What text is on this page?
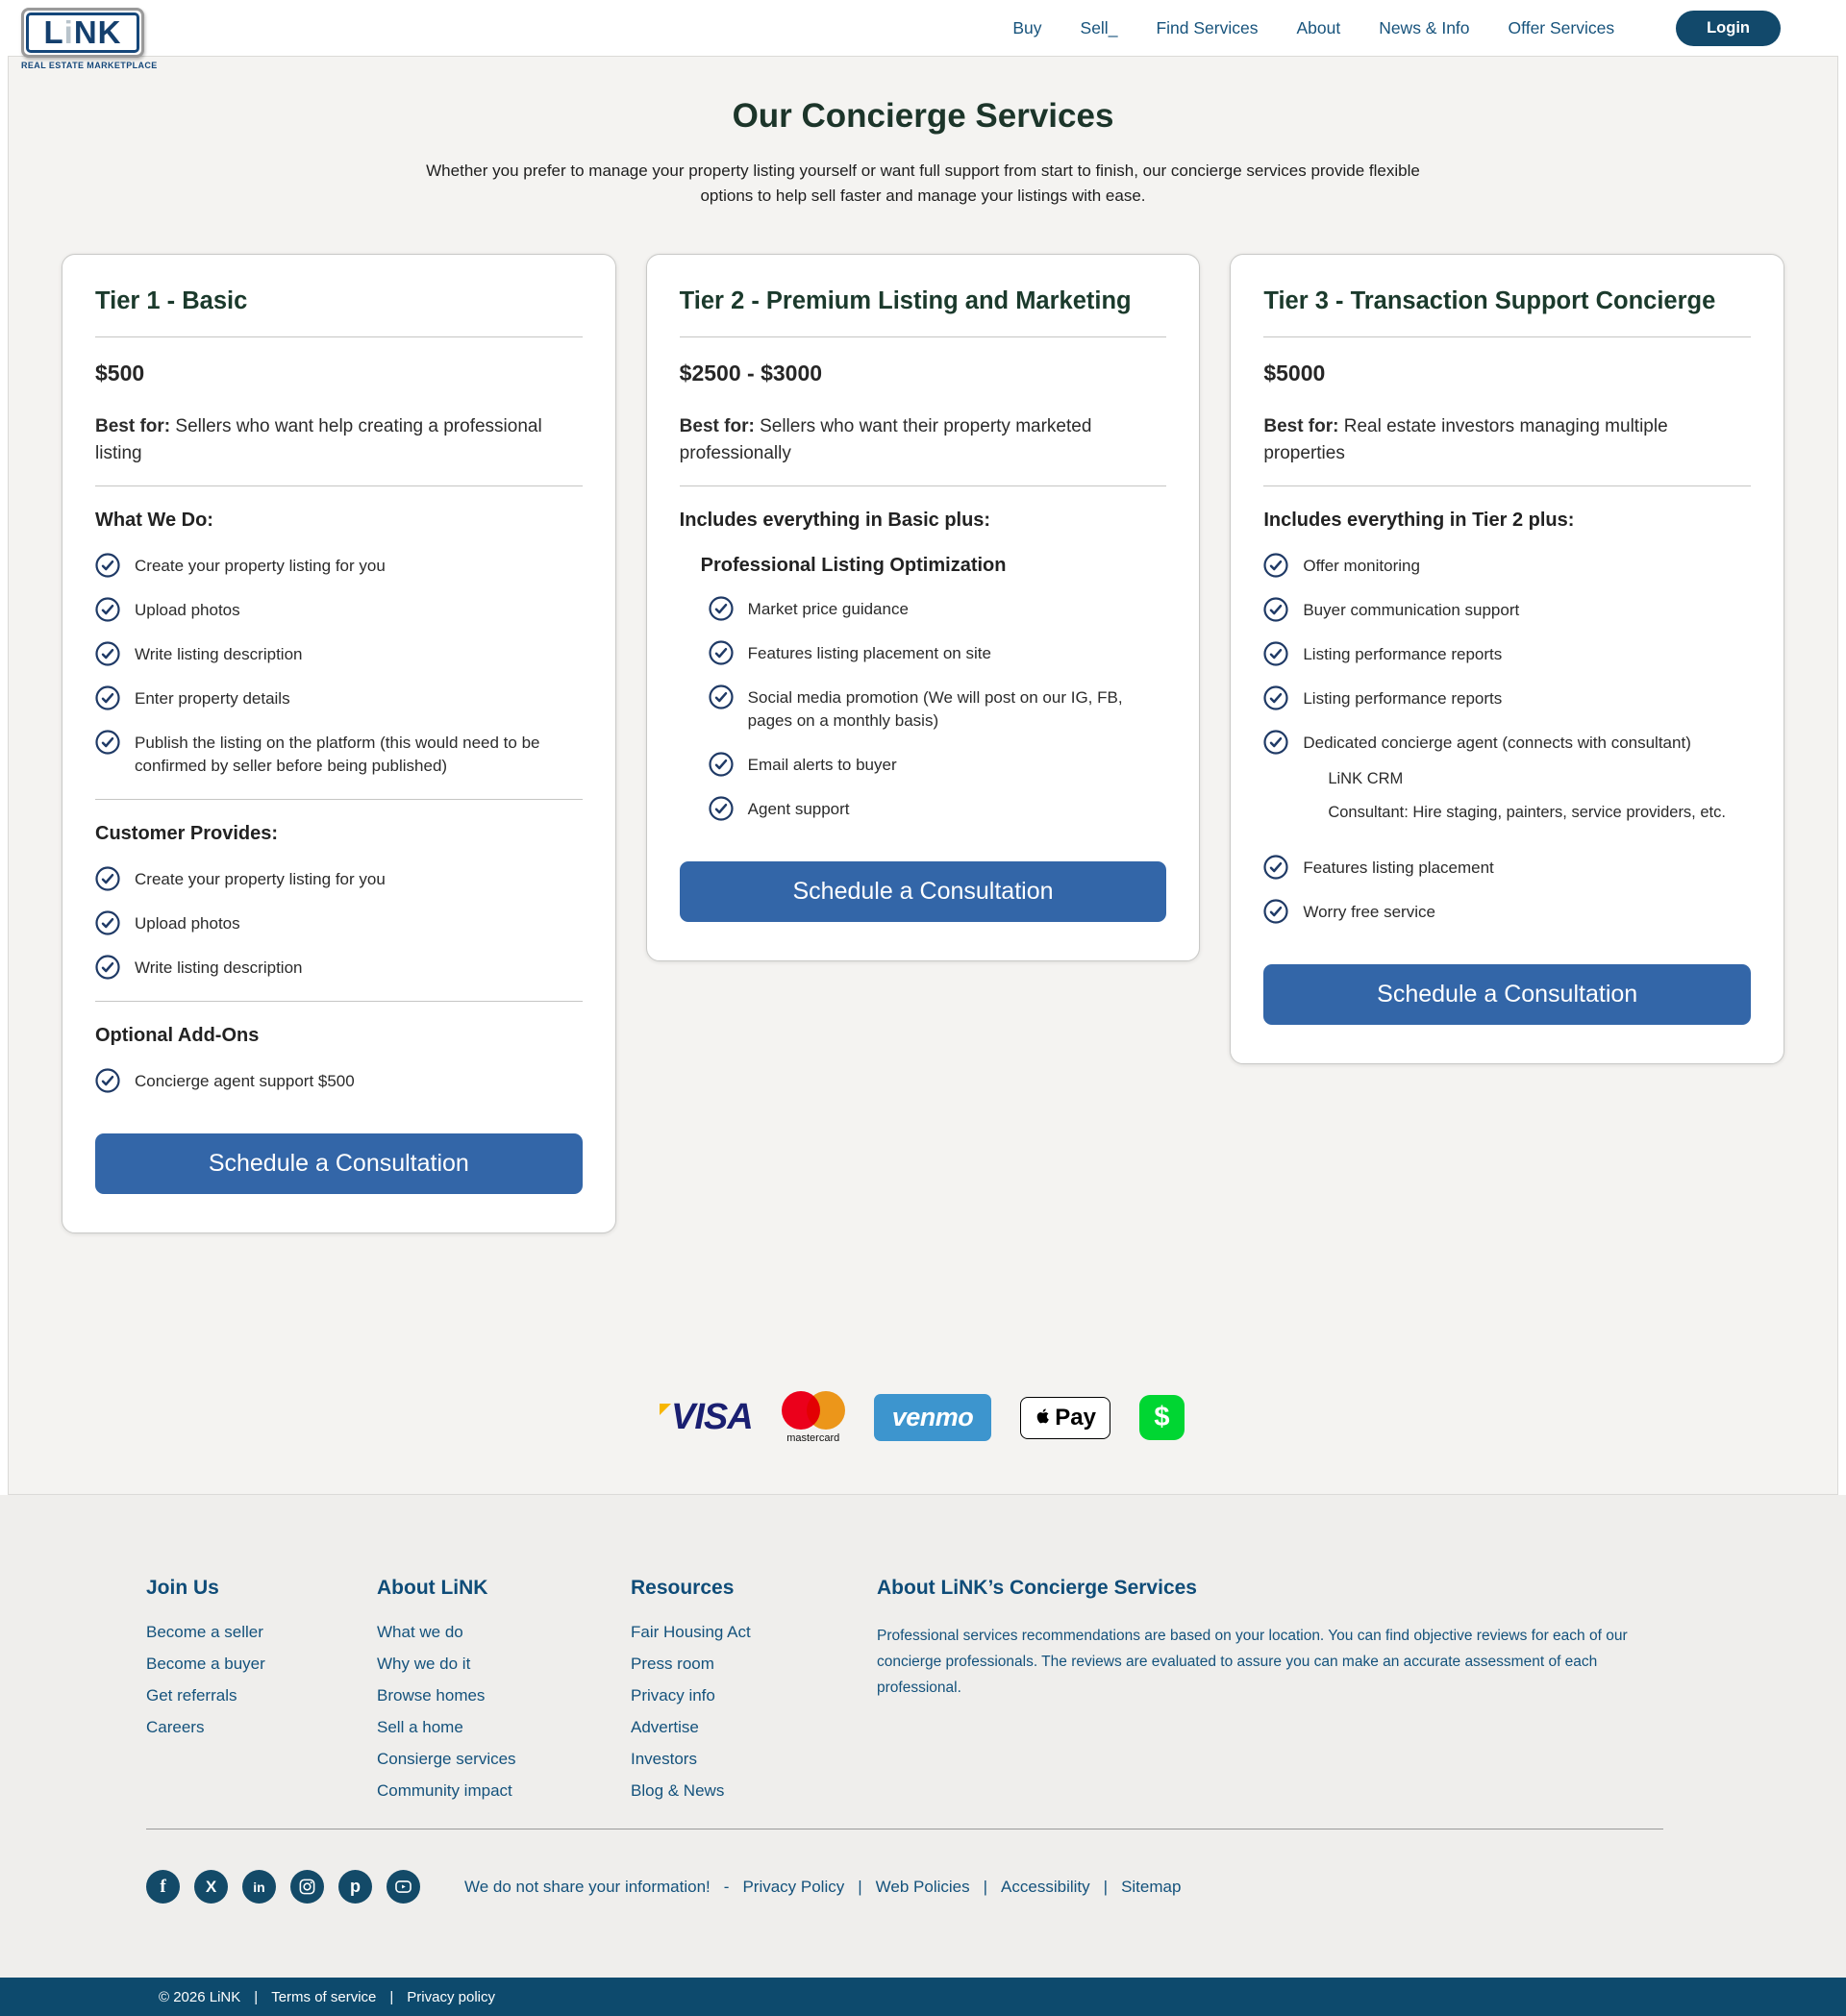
LiNK
REAL ESTATE MARKETPLACE
Buy Sell_ Find Services About News & Info Offer Services	Login
Our Concierge Services

Whether you prefer to manage your property listing yourself or want full support from start to finish, our concierge services provide flexible options to help sell faster and manage your listings with ease.

Tier 1 - Basic
$500
Best for: Sellers who want help creating a professional listing
What We Do:
Create your property listing for you
Upload photos
Write listing description
Enter property details
Publish the listing on the platform (this would need to be confirmed by seller before being published)
Customer Provides:
Create your property listing for you
Upload photos
Write listing description
Optional Add-Ons
Concierge agent support $500
Schedule a Consultation
Tier 2 - Premium Listing and Marketing
$2500 - $3000
Best for: Sellers who want their property marketed professionally
Includes everything in Basic plus:
Professional Listing Optimization
Market price guidance
Features listing placement on site
Social media promotion (We will post on our IG, FB, pages on a monthly basis)
Email alerts to buyer
Agent support
Schedule a Consultation
Tier 3 - Transaction Support Concierge
$5000
Best for: Real estate investors managing multiple properties
Includes everything in Tier 2 plus:
Offer monitoring
Buyer communication support
Listing performance reports
Listing performance reports
Dedicated concierge agent (connects with consultant)
LiNK CRM
Consultant: Hire staging, painters, service providers, etc.
Features listing placement
Worry free service
Schedule a Consultation
VISA
mastercard
venmo	Pay	$
Join Us
Become a seller
Become a buyer
Get referrals
Careers
About LiNK
What we do
Why we do it
Browse homes
Sell a home
Consierge services
Community impact
Resources
Fair Housing Act
Press room
Privacy info
Advertise
Investors
Blog & News
About LiNK’s Concierge Services

Professional services recommendations are based on your location. You can find objective reviews for each of our concierge professionals. The reviews are evaluated to assure you can make an accurate assessment of each professional.

f	X	in	p	We do not share your information! - Privacy Policy | Web Policies | Accessibility | Sitemap
© 2026 LiNK | Terms of service | Privacy policy
